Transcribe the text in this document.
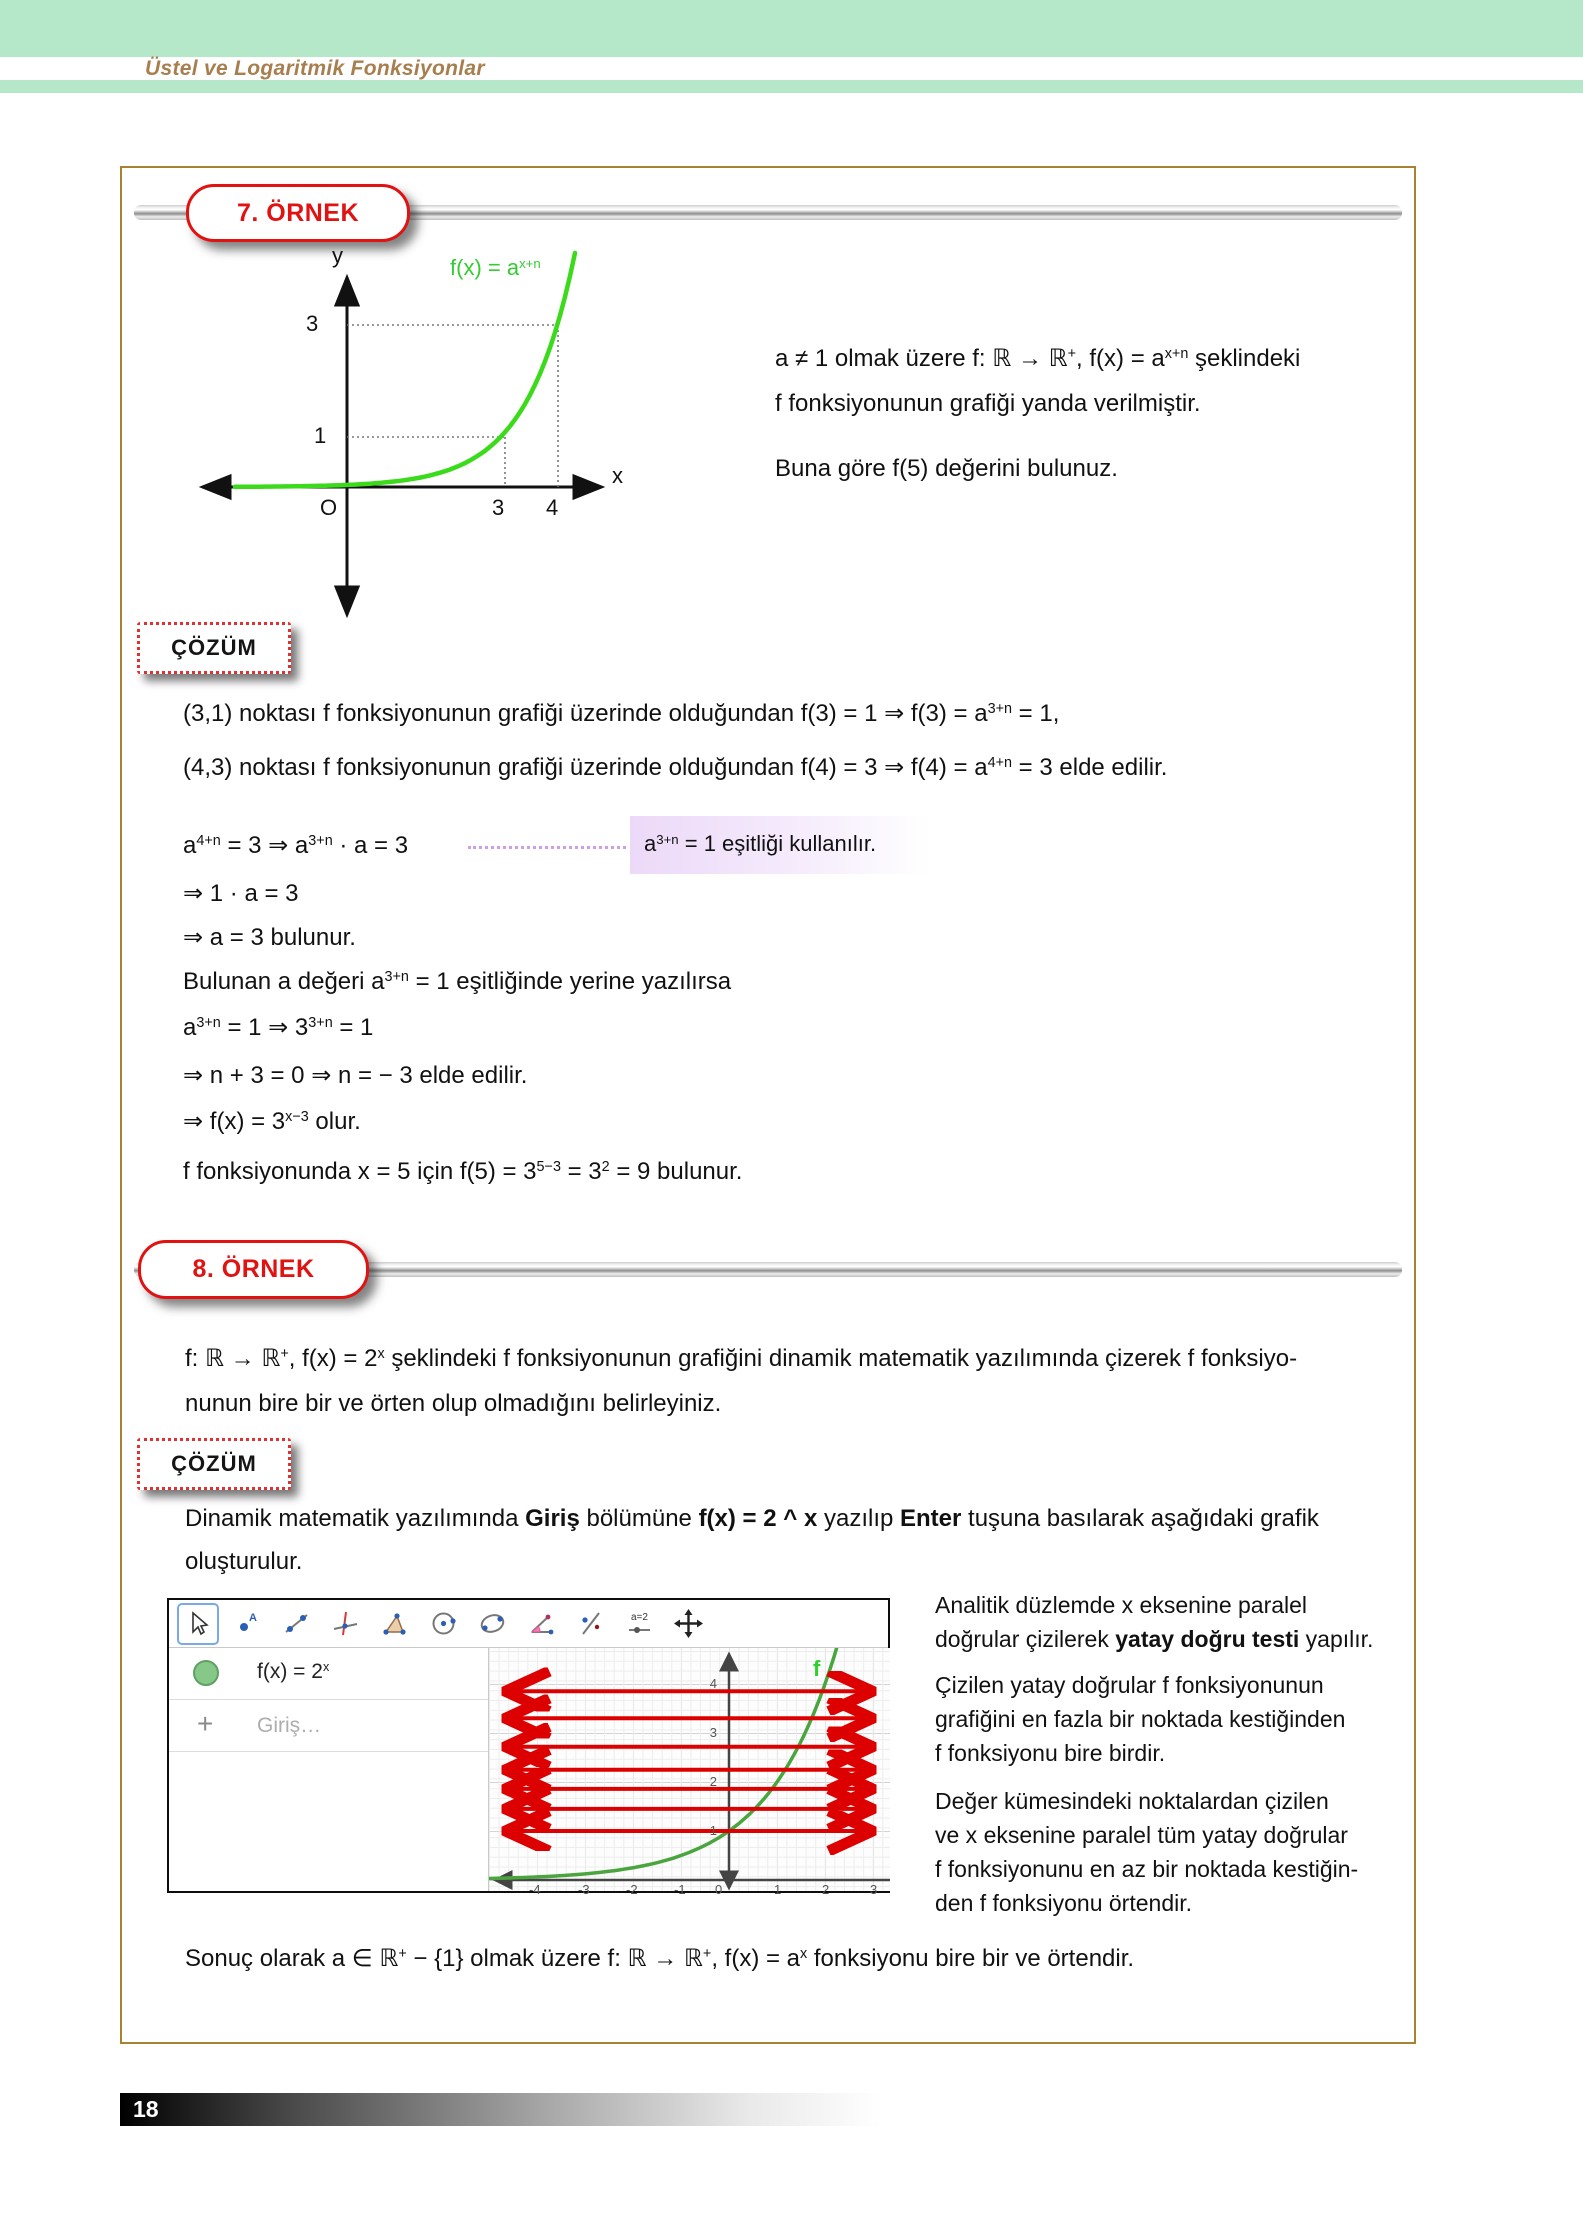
Üstel ve Logaritmik Fonksiyonlar
7. ÖRNEK
y
x
O
3
1
3 4
$f(x) = a^{x+n}$
a ≠ 1 olmak üzere f: ℝ → ℝ+, $f(x) = a^{x+n}$ şeklindeki
f fonksiyonunun grafiği yanda verilmiştir.
Buna göre f(5) değerini bulunuz.
ÇÖZÜM
(3,1) noktası f fonksiyonunun grafiği üzerinde olduğundan f(3) = 1 ⇒ $f(3) = a^{3+n} = 1$,
(4,3) noktası f fonksiyonunun grafiği üzerinde olduğundan f(4) = 3 ⇒ $f(4) = a^{4+n} = 3$ elde edilir.
$a^{4+n} = 3$ ⇒ $a^{3+n} \cdot a = 3$	$a^{3+n} = 1$ eşitliği kullanılır.
⇒ 1 · a = 3
⇒ a = 3 bulunur.
Bulunan a değeri $a^{3+n} = 1$ eşitliğinde yerine yazılırsa
$a^{3+n} = 1$ ⇒ $3^{3+n} = 1$
⇒ n + 3 = 0 ⇒ n = − 3 elde edilir.
⇒ $f(x) = 3^{x-3}$ olur.
f fonksiyonunda x = 5 için $f(5) = 3^{5-3} = 3^2 = 9$ bulunur.
8. ÖRNEK
f: ℝ → ℝ+, $f(x) = 2^x$ şeklindeki f fonksiyonunun grafiğini dinamik matematik yazılımında çizerek f fonksiyo-
nunun bire bir ve örten olup olmadığını belirleyiniz.
ÇÖZÜM
Dinamik matematik yazılımında Giriş bölümüne f(x) = 2 ^ x yazılıp Enter tuşuna basılarak aşağıdaki grafik
oluşturulur.
A	a=2
$f(x) = 2^x$
+ Giriş…
f
-4	-3	-2	-1 0	1	2	3
4
3
2
1
Analitik düzlemde x eksenine paralel
doğrular çizilerek yatay doğru testi yapılır.
Çizilen yatay doğrular f fonksiyonunun
grafiğini en fazla bir noktada kestiğinden
f fonksiyonu bire birdir.
Değer kümesindeki noktalardan çizilen
ve x eksenine paralel tüm yatay doğrular
f fonksiyonunu en az bir noktada kestiğin-
den f fonksiyonu örtendir.
Sonuç olarak a ∈ ℝ+ − {1} olmak üzere f: ℝ → ℝ+, $f(x) = a^x$ fonksiyonu bire bir ve örtendir.
18
